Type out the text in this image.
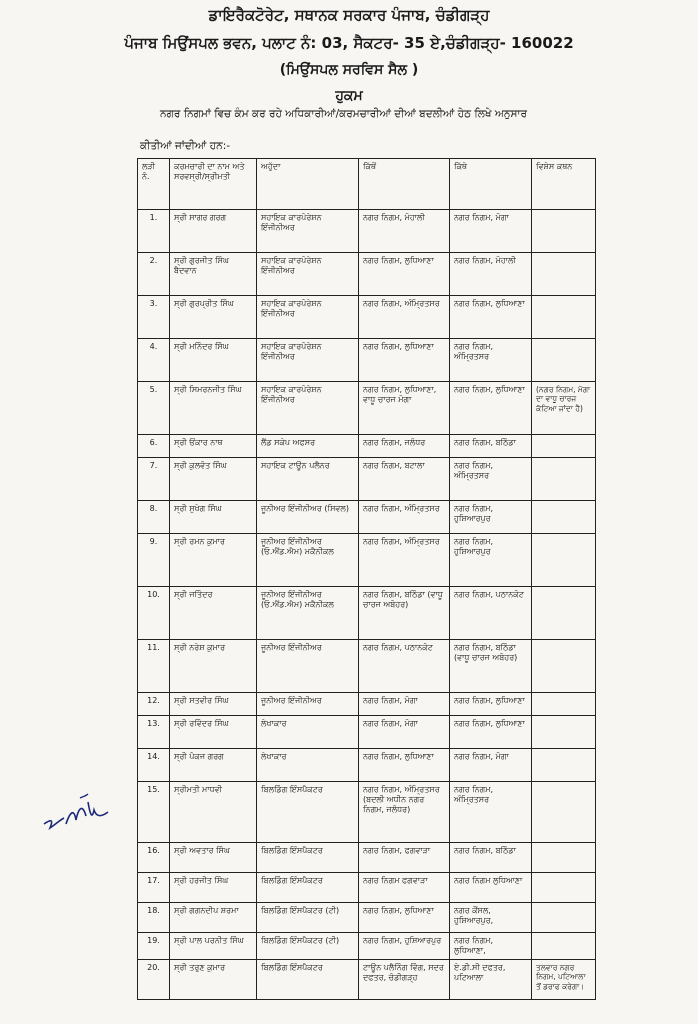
ਡਾਇਰੈਕਟੋਰੇਟ, ਸਥਾਨਕ ਸਰਕਾਰ ਪੰਜਾਬ, ਚੰਡੀਗੜ੍ਹ
ਪੰਜਾਬ ਮਿਉਂਸਪਲ ਭਵਨ, ਪਲਾਟ ਨੰ: 03, ਸੈਕਟਰ- 35 ਏ,ਚੰਡੀਗੜ੍ਹ- 160022
(ਮਿਉਂਸਪਲ ਸਰਵਿਸ ਸੈਲ )
ਹੁਕਮ
ਨਗਰ ਨਿਗਮਾਂ ਵਿਚ ਕੰਮ ਕਰ ਰਹੇ ਅਧਿਕਾਰੀਆਂ/ਕਰਮਚਾਰੀਆਂ ਦੀਆਂ ਬਦਲੀਆਂ ਹੇਠ ਲਿਖੇ ਅਨੁਸਾਰ
ਕੀਤੀਆਂ ਜਾਂਦੀਆਂ ਹਨ:-
ਲੜੀ ਨੰ.	ਕਰਮਚਾਰੀ ਦਾ ਨਾਮ ਅਤੇ ਸਰਵਸ੍ਰੀ/ਸ੍ਰੀਮਤੀ	ਅਹੁੱਦਾ	ਕਿੱਥੋਂ	ਕਿੱਥੇ	ਵਿਸ਼ੇਸ ਕਥਨ
1.	ਸ੍ਰੀ ਸਾਗਰ ਗਰਗ	ਸਹਾਇਕ ਕਾਰਪੋਰੇਸ਼ਨ ਇੰਜੀਨੀਅਰ	ਨਗਰ ਨਿਗਮ, ਮੋਹਾਲੀ	ਨਗਰ ਨਿਗਮ, ਮੋਗਾ	
2.	ਸ੍ਰੀ ਗੁਰਜੀਤ ਸਿੰਘ ਬੈਦਵਾਨ	ਸਹਾਇਕ ਕਾਰਪੋਰੇਸ਼ਨ ਇੰਜੀਨੀਅਰ	ਨਗਰ ਨਿਗਮ, ਲੁਧਿਆਣਾ	ਨਗਰ ਨਿਗਮ, ਮੋਹਾਲੀ	
3.	ਸ੍ਰੀ ਗੁਰਪ੍ਰੀਤ ਸਿੰਘ	ਸਹਾਇਕ ਕਾਰਪੋਰੇਸ਼ਨ ਇੰਜੀਨੀਅਰ	ਨਗਰ ਨਿਗਮ, ਅੰਮ੍ਰਿਤਸਰ	ਨਗਰ ਨਿਗਮ, ਲੁਧਿਆਣਾ	
4.	ਸ੍ਰੀ ਮਨਿੰਦਰ ਸਿੰਘ	ਸਹਾਇਕ ਕਾਰਪੋਰੇਸ਼ਨ ਇੰਜੀਨੀਅਰ	ਨਗਰ ਨਿਗਮ, ਲੁਧਿਆਣਾ	ਨਗਰ ਨਿਗਮ, ਅੰਮ੍ਰਿਤਸਰ	
5.	ਸ੍ਰੀ ਸਿਮਰਨਜੀਤ ਸਿੰਘ	ਸਹਾਇਕ ਕਾਰਪੋਰੇਸ਼ਨ ਇੰਜੀਨੀਅਰ	ਨਗਰ ਨਿਗਮ, ਲੁਧਿਆਣਾ, ਵਾਧੂ ਚਾਰਜ ਮੋਗਾ	ਨਗਰ ਨਿਗਮ, ਲੁਧਿਆਣਾ	(ਨਗਰ ਨਿਗਮ, ਮੋਗਾ ਦਾ ਵਾਧੂ ਚਾਰਜ ਕੱਟਿਆ ਜਾਂਦਾ ਹੈ)
6.	ਸ੍ਰੀ ਓਂਕਾਰ ਨਾਥ	ਲੈਂਡ ਸਕੇਪ ਅਫਸਰ	ਨਗਰ ਨਿਗਮ, ਜਲੰਧਰ	ਨਗਰ ਨਿਗਮ, ਬਠਿੰਡਾ	
7.	ਸ੍ਰੀ ਕੁਲਵੰਤ ਸਿੰਘ	ਸਹਾਇਕ ਟਾਊਨ ਪਲੈਨਰ	ਨਗਰ ਨਿਗਮ, ਬਟਾਲਾ	ਨਗਰ ਨਿਗਮ, ਅੰਮ੍ਰਿਤਸਰ	
8.	ਸ੍ਰੀ ਸੁਖੇਗ ਸਿੰਘ	ਜੂਨੀਅਰ ਇੰਜੀਨੀਅਰ (ਸਿਵਲ)	ਨਗਰ ਨਿਗਮ, ਅੰਮ੍ਰਿਤਸਰ	ਨਗਰ ਨਿਗਮ, ਹੁਸ਼ਿਆਰਪੁਰ	
9.	ਸ੍ਰੀ ਰਮਨ ਕੁਮਾਰ	ਜੂਨੀਅਰ ਇੰਜੀਨੀਅਰ (ਓ.ਐਂਡ.ਐਮ) ਮਕੈਨੀਕਲ	ਨਗਰ ਨਿਗਮ, ਅੰਮ੍ਰਿਤਸਰ	ਨਗਰ ਨਿਗਮ, ਹੁਸ਼ਿਆਰਪੁਰ	
10.	ਸ੍ਰੀ ਜਤਿੰਦਰ	ਜੂਨੀਅਰ ਇੰਜੀਨੀਅਰ (ਓ.ਐਂਡ.ਐਮ) ਮਕੈਨੀਕਲ	ਨਗਰ ਨਿਗਮ, ਬਠਿੰਡਾ (ਵਾਧੂ ਚਾਰਜ ਅਬੋਹਰ)	ਨਗਰ ਨਿਗਮ, ਪਠਾਨਕੋਟ	
11.	ਸ੍ਰੀ ਨਰੇਸ਼ ਕੁਮਾਰ	ਜੂਨੀਅਰ ਇੰਜੀਨੀਅਰ	ਨਗਰ ਨਿਗਮ, ਪਠਾਨਕੋਟ	ਨਗਰ ਨਿਗਮ, ਬਠਿੰਡਾ (ਵਾਧੂ ਚਾਰਜ ਅਬੋਹਰ)	
12.	ਸ੍ਰੀ ਸਤਵੀਰ ਸਿੰਘ	ਜੂਨੀਅਰ ਇੰਜੀਨੀਅਰ	ਨਗਰ ਨਿਗਮ, ਮੋਗਾ	ਨਗਰ ਨਿਗਮ, ਲੁਧਿਆਣਾ	
13.	ਸ੍ਰੀ ਰਵਿੰਦਰ ਸਿੰਘ	ਲੇਖਾਕਾਰ	ਨਗਰ ਨਿਗਮ, ਮੋਗਾ	ਨਗਰ ਨਿਗਮ, ਲੁਧਿਆਣਾ	
14.	ਸ੍ਰੀ ਪੰਕਜ ਗਰਗ	ਲੇਖਾਕਾਰ	ਨਗਰ ਨਿਗਮ, ਲੁਧਿਆਣਾ	ਨਗਰ ਨਿਗਮ, ਮੋਗਾ	
15.	ਸ੍ਰੀਮਤੀ ਮਾਧਵੀ	ਬਿਲਡਿੰਗ ਇੰਸਪੈਕਟਰ	ਨਗਰ ਨਿਗਮ, ਅੰਮ੍ਰਿਤਸਰ (ਬਦਲੀ ਅਧੀਨ ਨਗਰ ਨਿਗਮ, ਜਲੰਧਰ)	ਨਗਰ ਨਿਗਮ, ਅੰਮ੍ਰਿਤਸਰ	
16.	ਸ੍ਰੀ ਅਵਤਾਰ ਸਿੰਘ	ਬਿਲਡਿੰਗ ਇੰਸਪੈਕਟਰ	ਨਗਰ ਨਿਗਮ, ਫਗਵਾੜਾ	ਨਗਰ ਨਿਗਮ, ਬਠਿੰਡਾ	
17.	ਸ੍ਰੀ ਹਰਜੀਤ ਸਿੰਘ	ਬਿਲਡਿੰਗ ਇੰਸਪੈਕਟਰ	ਨਗਰ ਨਿਗਮ ਫਗਵਾੜਾ	ਨਗਰ ਨਿਗਮ ਲੁਧਿਆਣਾ	
18.	ਸ੍ਰੀ ਗਗਨਦੀਪ ਸ਼ਰਮਾ	ਬਿਲਡਿੰਗ ਇੰਸਪੈਕਟਰ (ਟੀ)	ਨਗਰ ਨਿਗਮ, ਲੁਧਿਆਣਾ	ਨਗਰ ਕੌਂਸਲ, ਹੁਸ਼ਿਆਰਪੁਰ,	
19.	ਸ੍ਰੀ ਪਾਲ ਪਰਨੀਤ ਸਿੰਘ	ਬਿਲਡਿੰਗ ਇੰਸਪੈਕਟਰ (ਟੀ)	ਨਗਰ ਨਿਗਮ, ਹੁਸ਼ਿਆਰਪੁਰ	ਨਗਰ ਨਿਗਮ, ਲੁਧਿਆਣਾ,	
20.	ਸ੍ਰੀ ਤਰੁਣ ਕੁਮਾਰ	ਬਿਲਡਿੰਗ ਇੰਸਪੈਕਟਰ	ਟਾਊਨ ਪਲੈਨਿੰਗ ਵਿੰਗ, ਸਦਰ ਦਫਤਰ, ਚੰਡੀਗੜ੍ਹ	ਏ.ਡੀ.ਸੀ ਦਫਤਰ, ਪਟਿਆਲਾ	ਤਲਵਾਰ ਨਗਰ ਨਿਗਮ, ਪਟਿਆਲਾ ਤੋਂ ਡਰਾਫ ਕਰੇਗਾ।
